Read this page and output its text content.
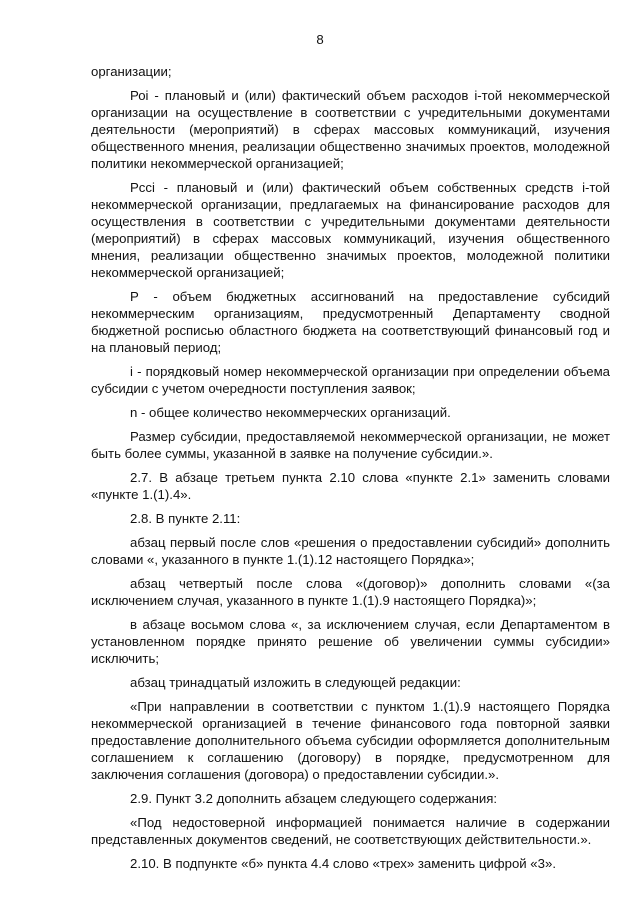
8

организации;

Роi - плановый и (или) фактический объем расходов i-той некоммерческой организации на осуществление в соответствии с учредительными документами деятельности (мероприятий) в сферах массовых коммуникаций, изучения общественного мнения, реализации общественно значимых проектов, молодежной политики некоммерческой организацией;

Рссi - плановый и (или) фактический объем собственных средств i-той некоммерческой организации, предлагаемых на финансирование расходов для осуществления в соответствии с учредительными документами деятельности (мероприятий) в сферах массовых коммуникаций, изучения общественного мнения, реализации общественно значимых проектов, молодежной политики некоммерческой организацией;

Р - объем бюджетных ассигнований на предоставление субсидий некоммерческим организациям, предусмотренный Департаменту сводной бюджетной росписью областного бюджета на соответствующий финансовый год и на плановый период;

i - порядковый номер некоммерческой организации при определении объема субсидии с учетом очередности поступления заявок;

n - общее количество некоммерческих организаций.

Размер субсидии, предоставляемой некоммерческой организации, не может быть более суммы, указанной в заявке на получение субсидии.».

2.7. В абзаце третьем пункта 2.10 слова «пункте 2.1» заменить словами «пункте 1.(1).4».

2.8. В пункте 2.11:

абзац первый после слов «решения о предоставлении субсидий» дополнить словами «, указанного в пункте 1.(1).12 настоящего Порядка»;

абзац четвертый после слова «(договор)» дополнить словами «(за исключением случая, указанного в пункте 1.(1).9 настоящего Порядка)»;

в абзаце восьмом слова «, за исключением случая, если Департаментом в установленном порядке принято решение об увеличении суммы субсидии» исключить;

абзац тринадцатый изложить в следующей редакции:

«При направлении в соответствии с пунктом 1.(1).9 настоящего Порядка некоммерческой организацией в течение финансового года повторной заявки предоставление дополнительного объема субсидии оформляется дополнительным соглашением к соглашению (договору) в порядке, предусмотренном для заключения соглашения (договора) о предоставлении субсидии.».

2.9. Пункт 3.2 дополнить абзацем следующего содержания:

«Под недостоверной информацией понимается наличие в содержании представленных документов сведений, не соответствующих действительности.».

2.10. В подпункте «б» пункта 4.4 слово «трех» заменить цифрой «3».
